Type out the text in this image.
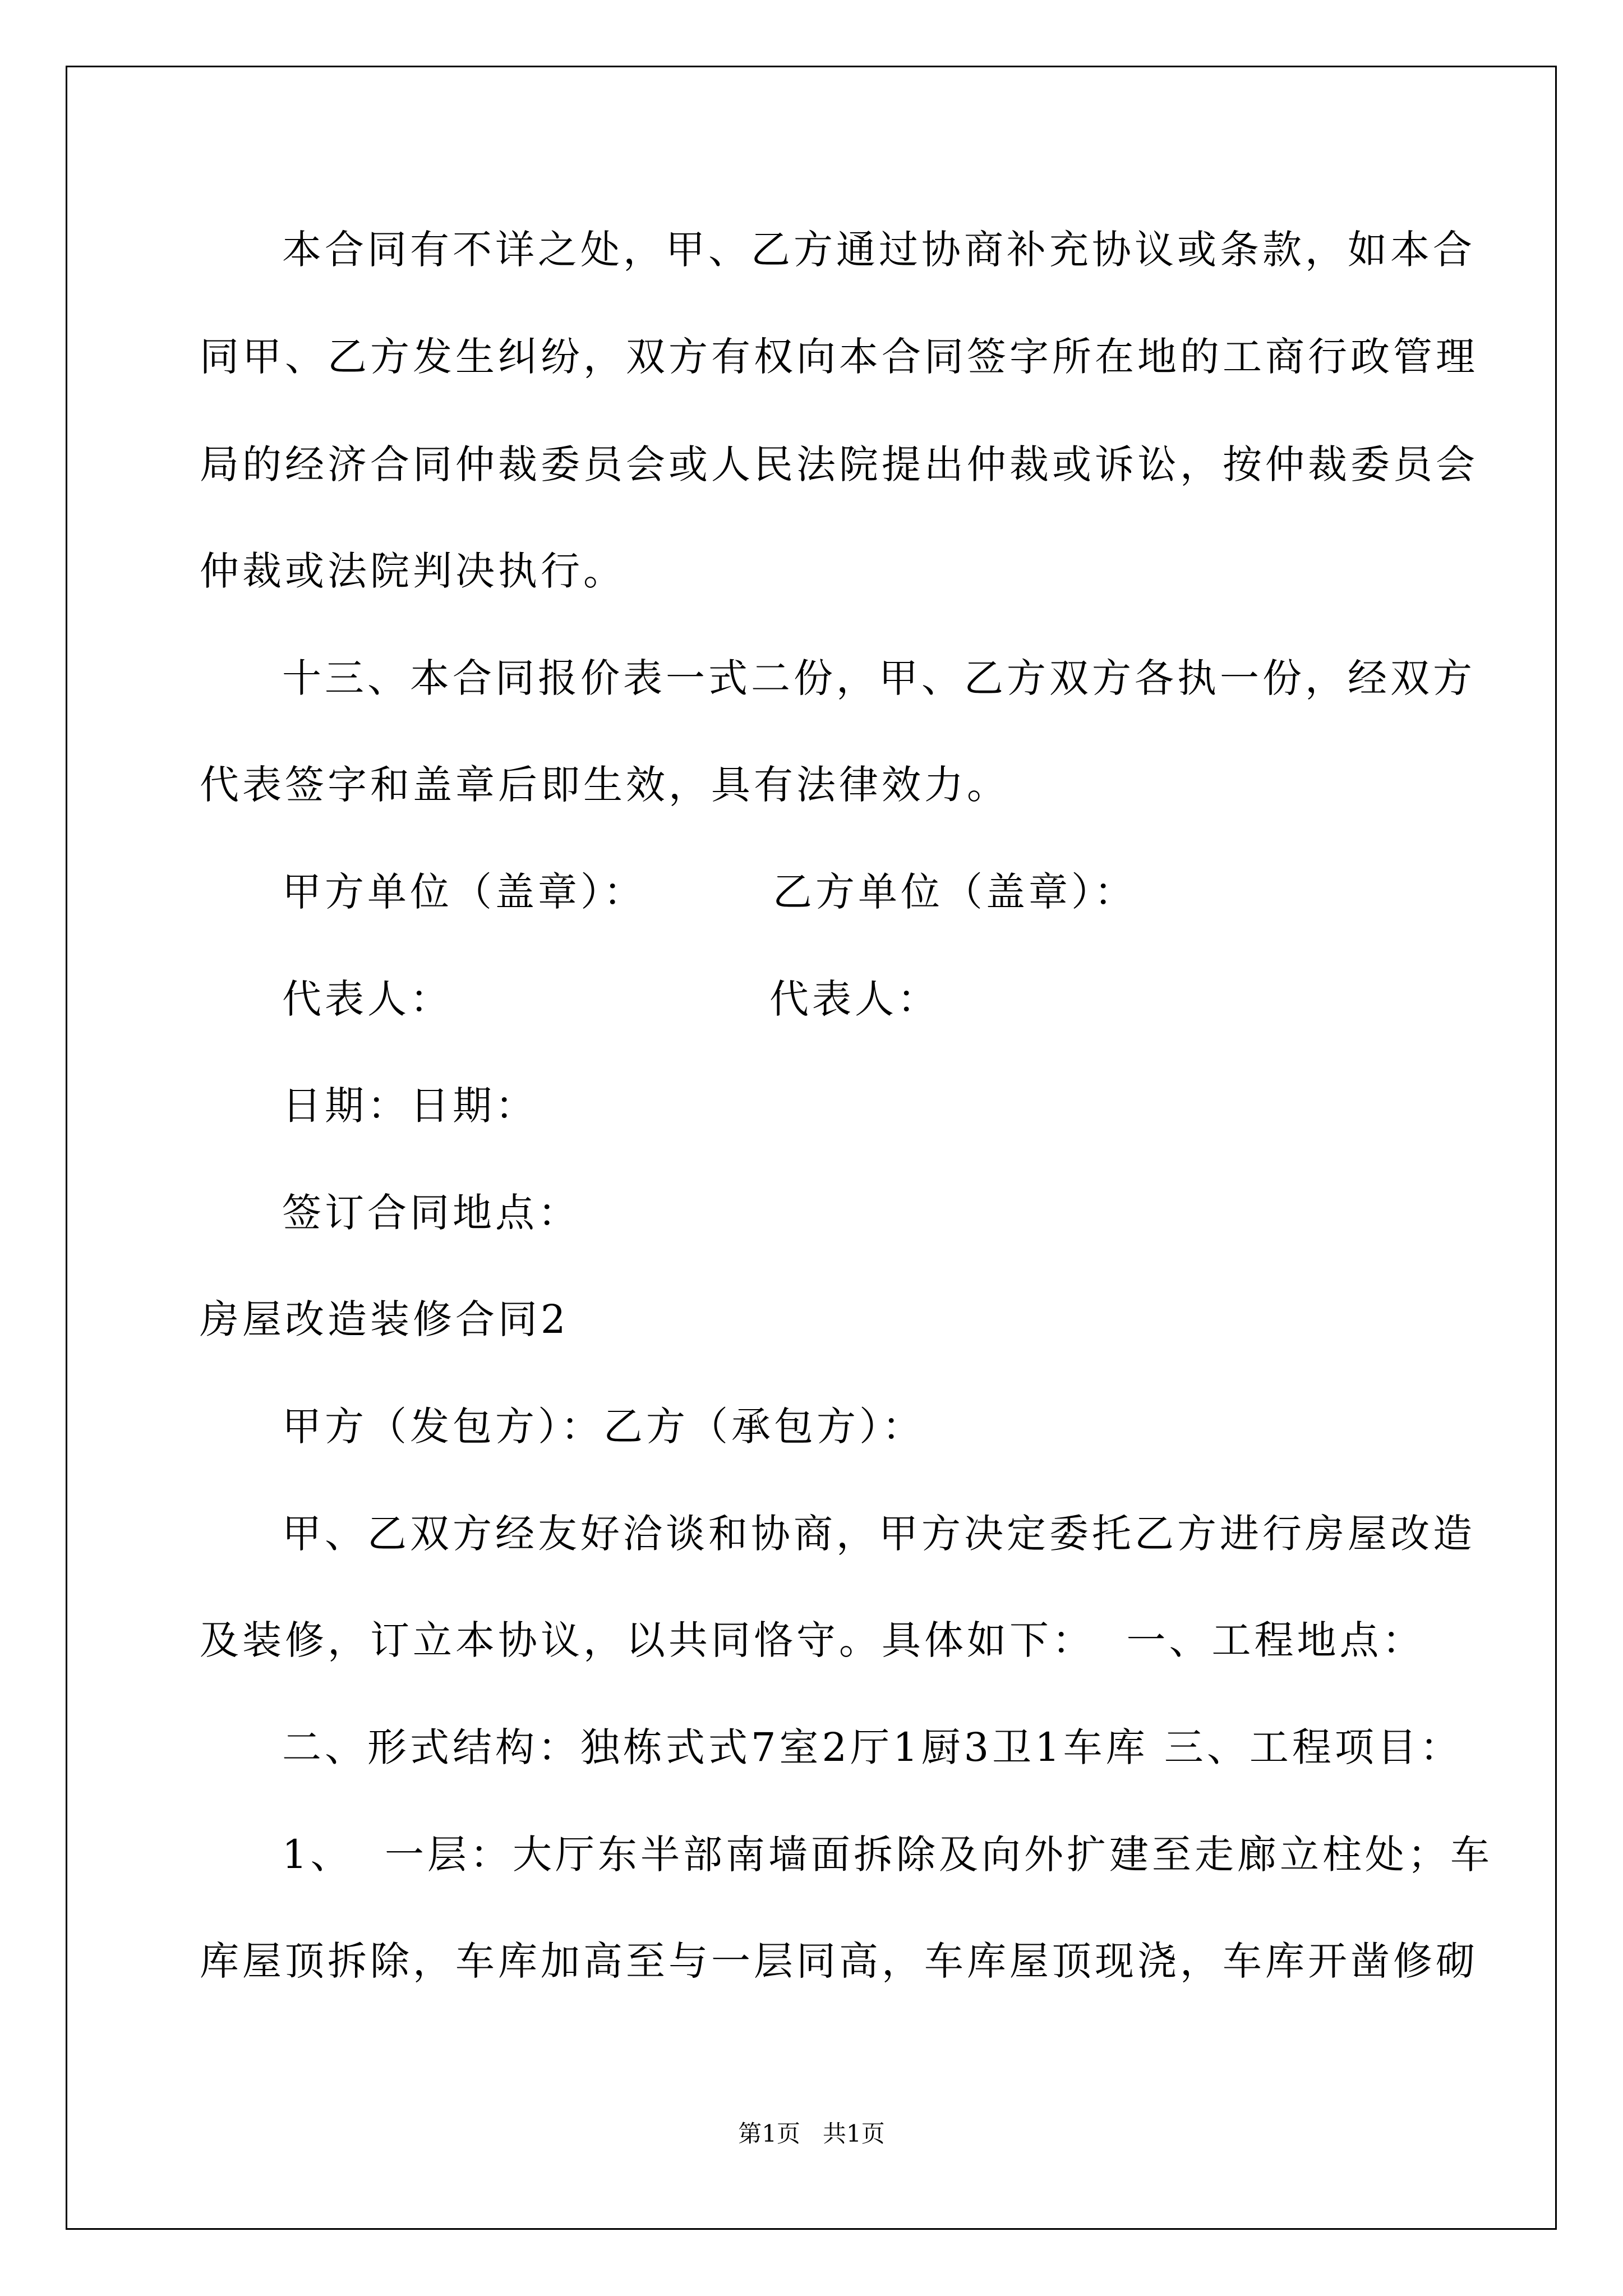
本合同有不详之处，甲、乙方通过协商补充协议或条款，如本合
同甲、乙方发生纠纷，双方有权向本合同签字所在地的工商行政管理
局的经济合同仲裁委员会或人民法院提出仲裁或诉讼，按仲裁委员会
仲裁或法院判决执行。
十三、本合同报价表一式二份，甲、乙方双方各执一份，经双方
代表签字和盖章后即生效，具有法律效力。
甲方单位（盖章）：        乙方单位（盖章）：
代表人：                    代表人：
日期：日期：
签订合同地点：
房屋改造装修合同2
甲方（发包方）：乙方（承包方）：
甲、乙双方经友好洽谈和协商，甲方决定委托乙方进行房屋改造
及装修，订立本协议，以共同恪守。具体如下：  一、工程地点：
二、形式结构：独栋式式7室2厅1厨3卫1车库 三、工程项目：
1、  一层：大厅东半部南墙面拆除及向外扩建至走廊立柱处；车
库屋顶拆除，车库加高至与一层同高，车库屋顶现浇，车库开凿修砌
第1页   共1页
